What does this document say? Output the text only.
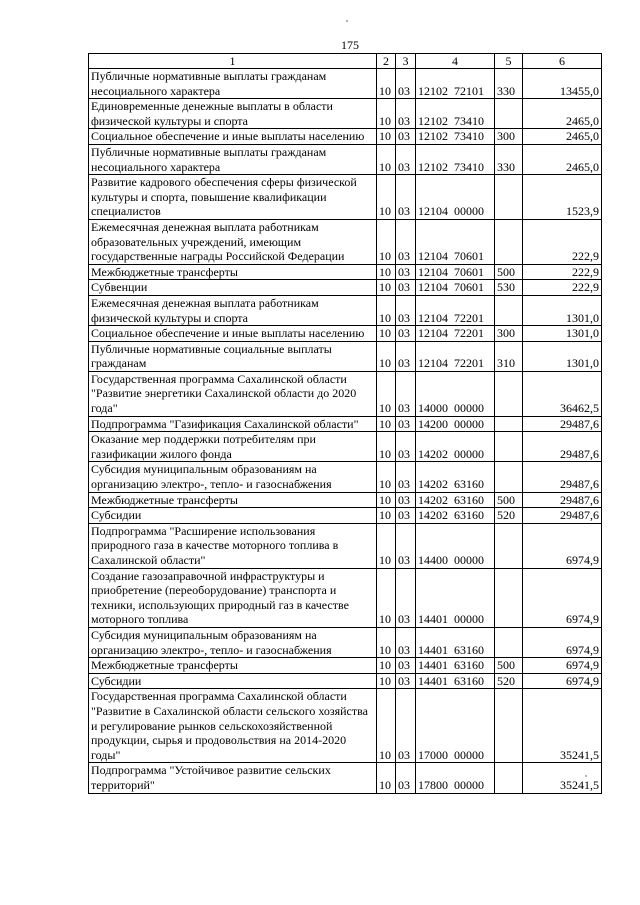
175
1	2	3	4	5	6
Публичные нормативные выплаты гражданам несоциального характера	10	03	12102  72101	330	13455,0
Единовременные денежные выплаты в области физической культуры и спорта	10	03	12102  73410		2465,0
Социальное обеспечение и иные выплаты населению	10	03	12102  73410	300	2465,0
Публичные нормативные выплаты гражданам несоциального характера	10	03	12102  73410	330	2465,0
Развитие кадрового обеспечения сферы физической культуры и спорта, повышение квалификации специалистов	10	03	12104  00000		1523,9
Ежемесячная денежная выплата работникам образовательных учреждений, имеющим государственные награды Российской Федерации	10	03	12104  70601		222,9
Межбюджетные трансферты	10	03	12104  70601	500	222,9
Субвенции	10	03	12104  70601	530	222,9
Ежемесячная денежная выплата работникам физической культуры и спорта	10	03	12104  72201		1301,0
Социальное обеспечение и иные выплаты населению	10	03	12104  72201	300	1301,0
Публичные нормативные социальные выплаты гражданам	10	03	12104  72201	310	1301,0
Государственная программа Сахалинской области "Развитие энергетики Сахалинской области до 2020 года"	10	03	14000  00000		36462,5
Подпрограмма "Газификация Сахалинской области"	10	03	14200  00000		29487,6
Оказание мер поддержки потребителям при газификации жилого фонда	10	03	14202  00000		29487,6
Субсидия муниципальным образованиям на организацию электро-, тепло- и газоснабжения	10	03	14202  63160		29487,6
Межбюджетные трансферты	10	03	14202  63160	500	29487,6
Субсидии	10	03	14202  63160	520	29487,6
Подпрограмма "Расширение использования природного газа в качестве моторного топлива в Сахалинской области"	10	03	14400  00000		6974,9
Создание газозаправочной инфраструктуры и приобретение (переоборудование) транспорта и техники, использующих природный газ в качестве моторного топлива	10	03	14401  00000		6974,9
Субсидия муниципальным образованиям на организацию электро-, тепло- и газоснабжения	10	03	14401  63160		6974,9
Межбюджетные трансферты	10	03	14401  63160	500	6974,9
Субсидии	10	03	14401  63160	520	6974,9
Государственная программа Сахалинской области "Развитие в Сахалинской области сельского хозяйства и регулирование рынков сельскохозяйственной продукции, сырья и продовольствия на 2014-2020 годы"	10	03	17000  00000		35241,5
Подпрограмма "Устойчивое развитие сельских территорий"	10	03	17800  00000		35241,5
